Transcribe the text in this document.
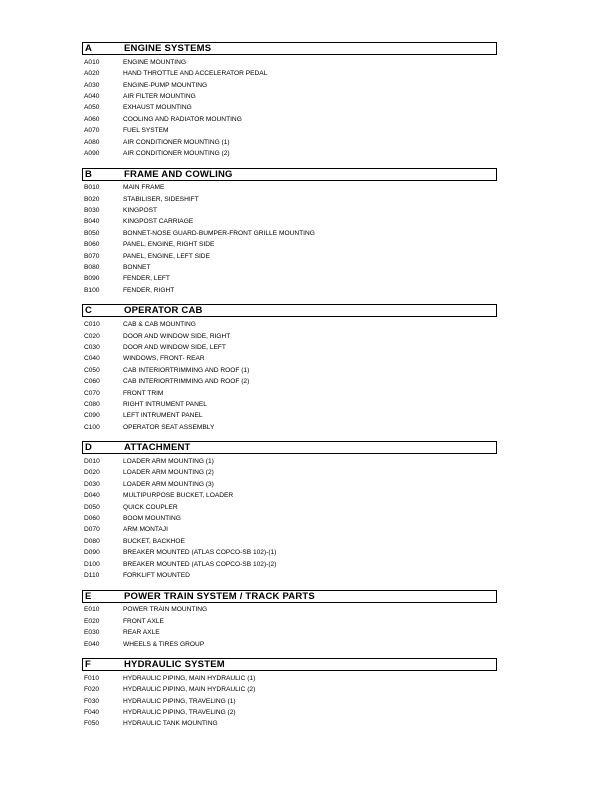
A	ENGINE SYSTEMS
A010	ENGINE MOUNTING
A020	HAND THROTTLE AND ACCELERATOR PEDAL
A030	ENGINE-PUMP MOUNTING
A040	AIR FILTER MOUNTING
A050	EXHAUST MOUNTING
A060	COOLING AND RADIATOR MOUNTING
A070	FUEL SYSTEM
A080	AIR CONDITIONER MOUNTING (1)
A090	AIR CONDITIONER MOUNTING (2)
B	FRAME AND COWLING
B010	MAIN FRAME
B020	STABILISER, SIDESHIFT
B030	KINGPOST
B040	KINGPOST CARRIAGE
B050	BONNET-NOSE GUARD-BUMPER-FRONT GRILLE MOUNTING
B060	PANEL, ENGINE, RIGHT SIDE
B070	PANEL, ENGINE, LEFT SIDE
B080	BONNET
B090	FENDER, LEFT
B100	FENDER, RIGHT
C	OPERATOR CAB
C010	CAB & CAB MOUNTING
C020	DOOR AND WINDOW SIDE, RIGHT
C030	DOOR AND WINDOW SIDE, LEFT
C040	WINDOWS, FRONT- REAR
C050	CAB INTERIORTRIMMING AND ROOF (1)
C060	CAB INTERIORTRIMMING AND ROOF (2)
C070	FRONT TRIM
C080	RIGHT INTRUMENT PANEL
C090	LEFT INTRUMENT PANEL
C100	OPERATOR SEAT ASSEMBLY
D	ATTACHMENT
D010	LOADER ARM MOUNTING (1)
D020	LOADER ARM MOUNTING (2)
D030	LOADER ARM MOUNTING (3)
D040	MULTIPURPOSE BUCKET, LOADER
D050	QUICK COUPLER
D060	BOOM MOUNTING
D070	ARM MONTAJI
D080	BUCKET, BACKHOE
D090	BREAKER MOUNTED (ATLAS COPCO-SB 102)-(1)
D100	BREAKER MOUNTED (ATLAS COPCO-SB 102)-(2)
D110	FORKLIFT MOUNTED
E	POWER TRAIN SYSTEM / TRACK PARTS
E010	POWER TRAIN MOUNTING
E020	FRONT AXLE
E030	REAR AXLE
E040	WHEELS & TIRES GROUP
F	HYDRAULIC SYSTEM
F010	HYDRAULIC PIPING, MAIN HYDRAULIC (1)
F020	HYDRAULIC PIPING, MAIN HYDRAULIC (2)
F030	HYDRAULIC PIPING, TRAVELING (1)
F040	HYDRAULIC PIPING, TRAVELING (2)
F050	HYDRAULIC TANK MOUNTING
